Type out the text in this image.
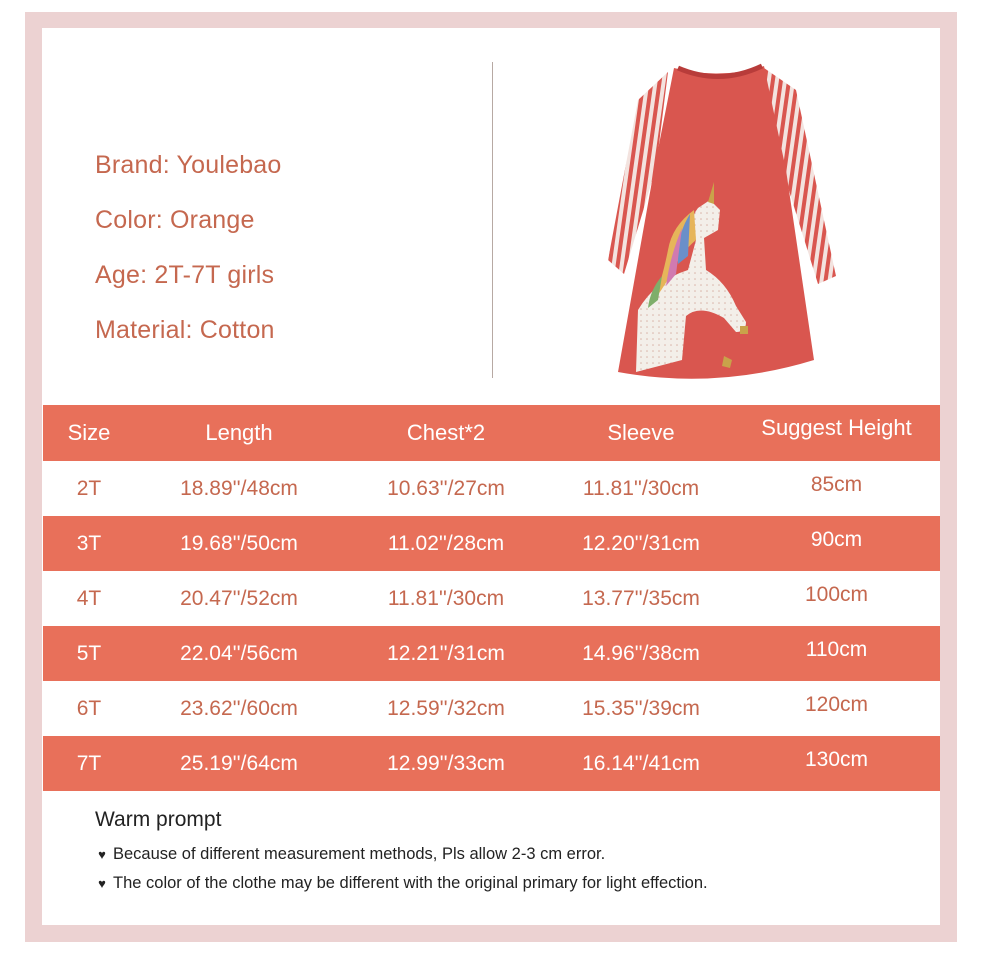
Brand: Youlebao
Color: Orange
Age: 2T-7T girls
Material: Cotton
Size	Length	Chest*2	Sleeve	Suggest Height
2T	18.89''/48cm	10.63''/27cm	11.81''/30cm	85cm
3T	19.68''/50cm	11.02''/28cm	12.20''/31cm	90cm
4T	20.47''/52cm	11.81''/30cm	13.77''/35cm	100cm
5T	22.04''/56cm	12.21''/31cm	14.96''/38cm	110cm
6T	23.62''/60cm	12.59''/32cm	15.35''/39cm	120cm
7T	25.19''/64cm	12.99''/33cm	16.14''/41cm	130cm
Warm prompt
♥ Because of different measurement methods, Pls allow 2-3 cm error.
♥ The color of the clothe may be different with the original primary for light effection.
